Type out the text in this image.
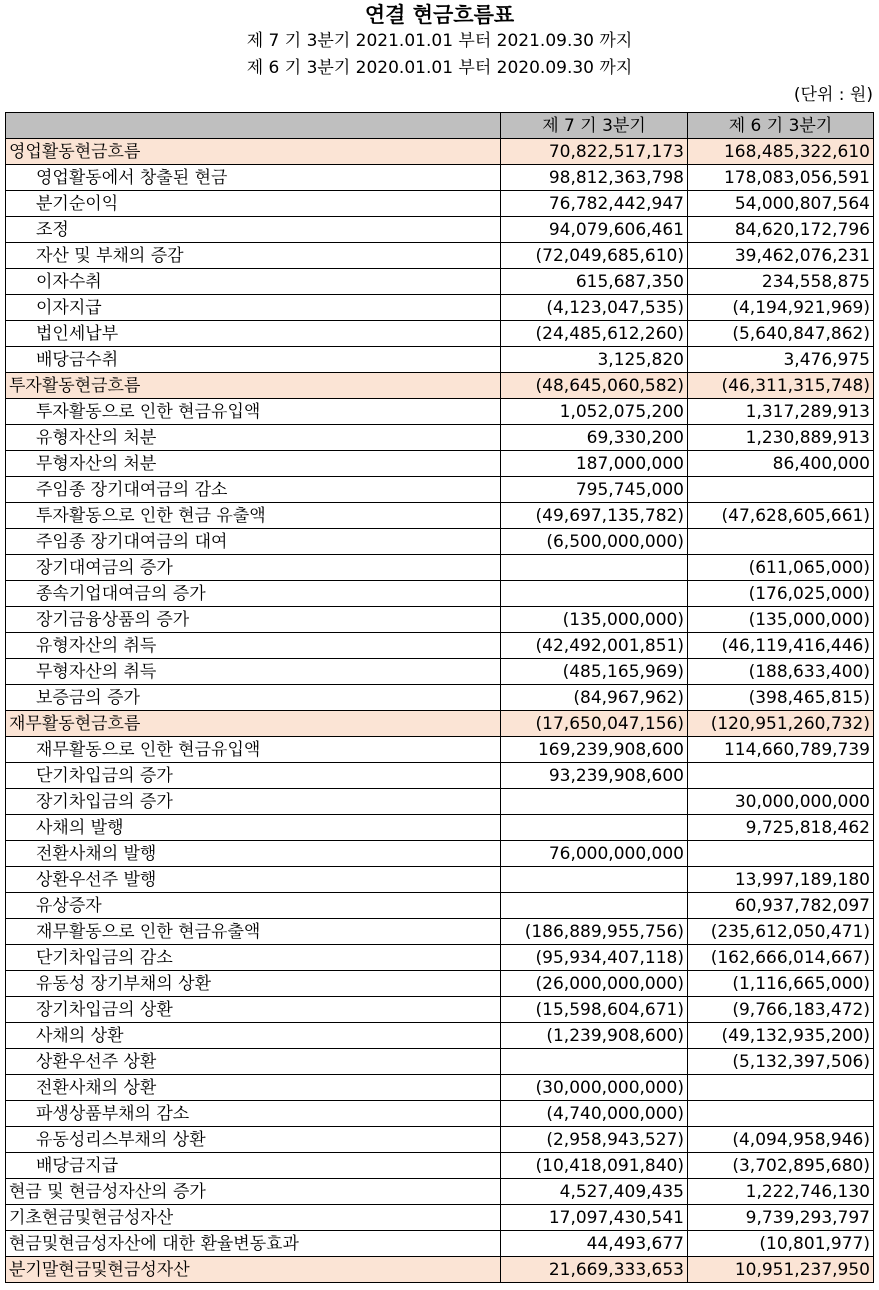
연결 현금흐름표
제 7 기 3분기 2021.01.01 부터 2021.09.30 까지
제 6 기 3분기 2020.01.01 부터 2020.09.30 까지
(단위 : 원)
	제 7 기 3분기	제 6 기 3분기
영업활동현금흐름	70,822,517,173	168,485,322,610
영업활동에서 창출된 현금	98,812,363,798	178,083,056,591
분기순이익	76,782,442,947	54,000,807,564
조정	94,079,606,461	84,620,172,796
자산 및 부채의 증감	(72,049,685,610)	39,462,076,231
이자수취	615,687,350	234,558,875
이자지급	(4,123,047,535)	(4,194,921,969)
법인세납부	(24,485,612,260)	(5,640,847,862)
배당금수취	3,125,820	3,476,975
투자활동현금흐름	(48,645,060,582)	(46,311,315,748)
투자활동으로 인한 현금유입액	1,052,075,200	1,317,289,913
유형자산의 처분	69,330,200	1,230,889,913
무형자산의 처분	187,000,000	86,400,000
주임종 장기대여금의 감소	795,745,000	
투자활동으로 인한 현금 유출액	(49,697,135,782)	(47,628,605,661)
주임종 장기대여금의 대여	(6,500,000,000)	
장기대여금의 증가		(611,065,000)
종속기업대여금의 증가		(176,025,000)
장기금융상품의 증가	(135,000,000)	(135,000,000)
유형자산의 취득	(42,492,001,851)	(46,119,416,446)
무형자산의 취득	(485,165,969)	(188,633,400)
보증금의 증가	(84,967,962)	(398,465,815)
재무활동현금흐름	(17,650,047,156)	(120,951,260,732)
재무활동으로 인한 현금유입액	169,239,908,600	114,660,789,739
단기차입금의 증가	93,239,908,600	
장기차입금의 증가		30,000,000,000
사채의 발행		9,725,818,462
전환사채의 발행	76,000,000,000	
상환우선주 발행		13,997,189,180
유상증자		60,937,782,097
재무활동으로 인한 현금유출액	(186,889,955,756)	(235,612,050,471)
단기차입금의 감소	(95,934,407,118)	(162,666,014,667)
유동성 장기부채의 상환	(26,000,000,000)	(1,116,665,000)
장기차입금의 상환	(15,598,604,671)	(9,766,183,472)
사채의 상환	(1,239,908,600)	(49,132,935,200)
상환우선주 상환		(5,132,397,506)
전환사채의 상환	(30,000,000,000)	
파생상품부채의 감소	(4,740,000,000)	
유동성리스부채의 상환	(2,958,943,527)	(4,094,958,946)
배당금지급	(10,418,091,840)	(3,702,895,680)
현금 및 현금성자산의 증가	4,527,409,435	1,222,746,130
기초현금및현금성자산	17,097,430,541	9,739,293,797
현금및현금성자산에 대한 환율변동효과	44,493,677	(10,801,977)
분기말현금및현금성자산	21,669,333,653	10,951,237,950
